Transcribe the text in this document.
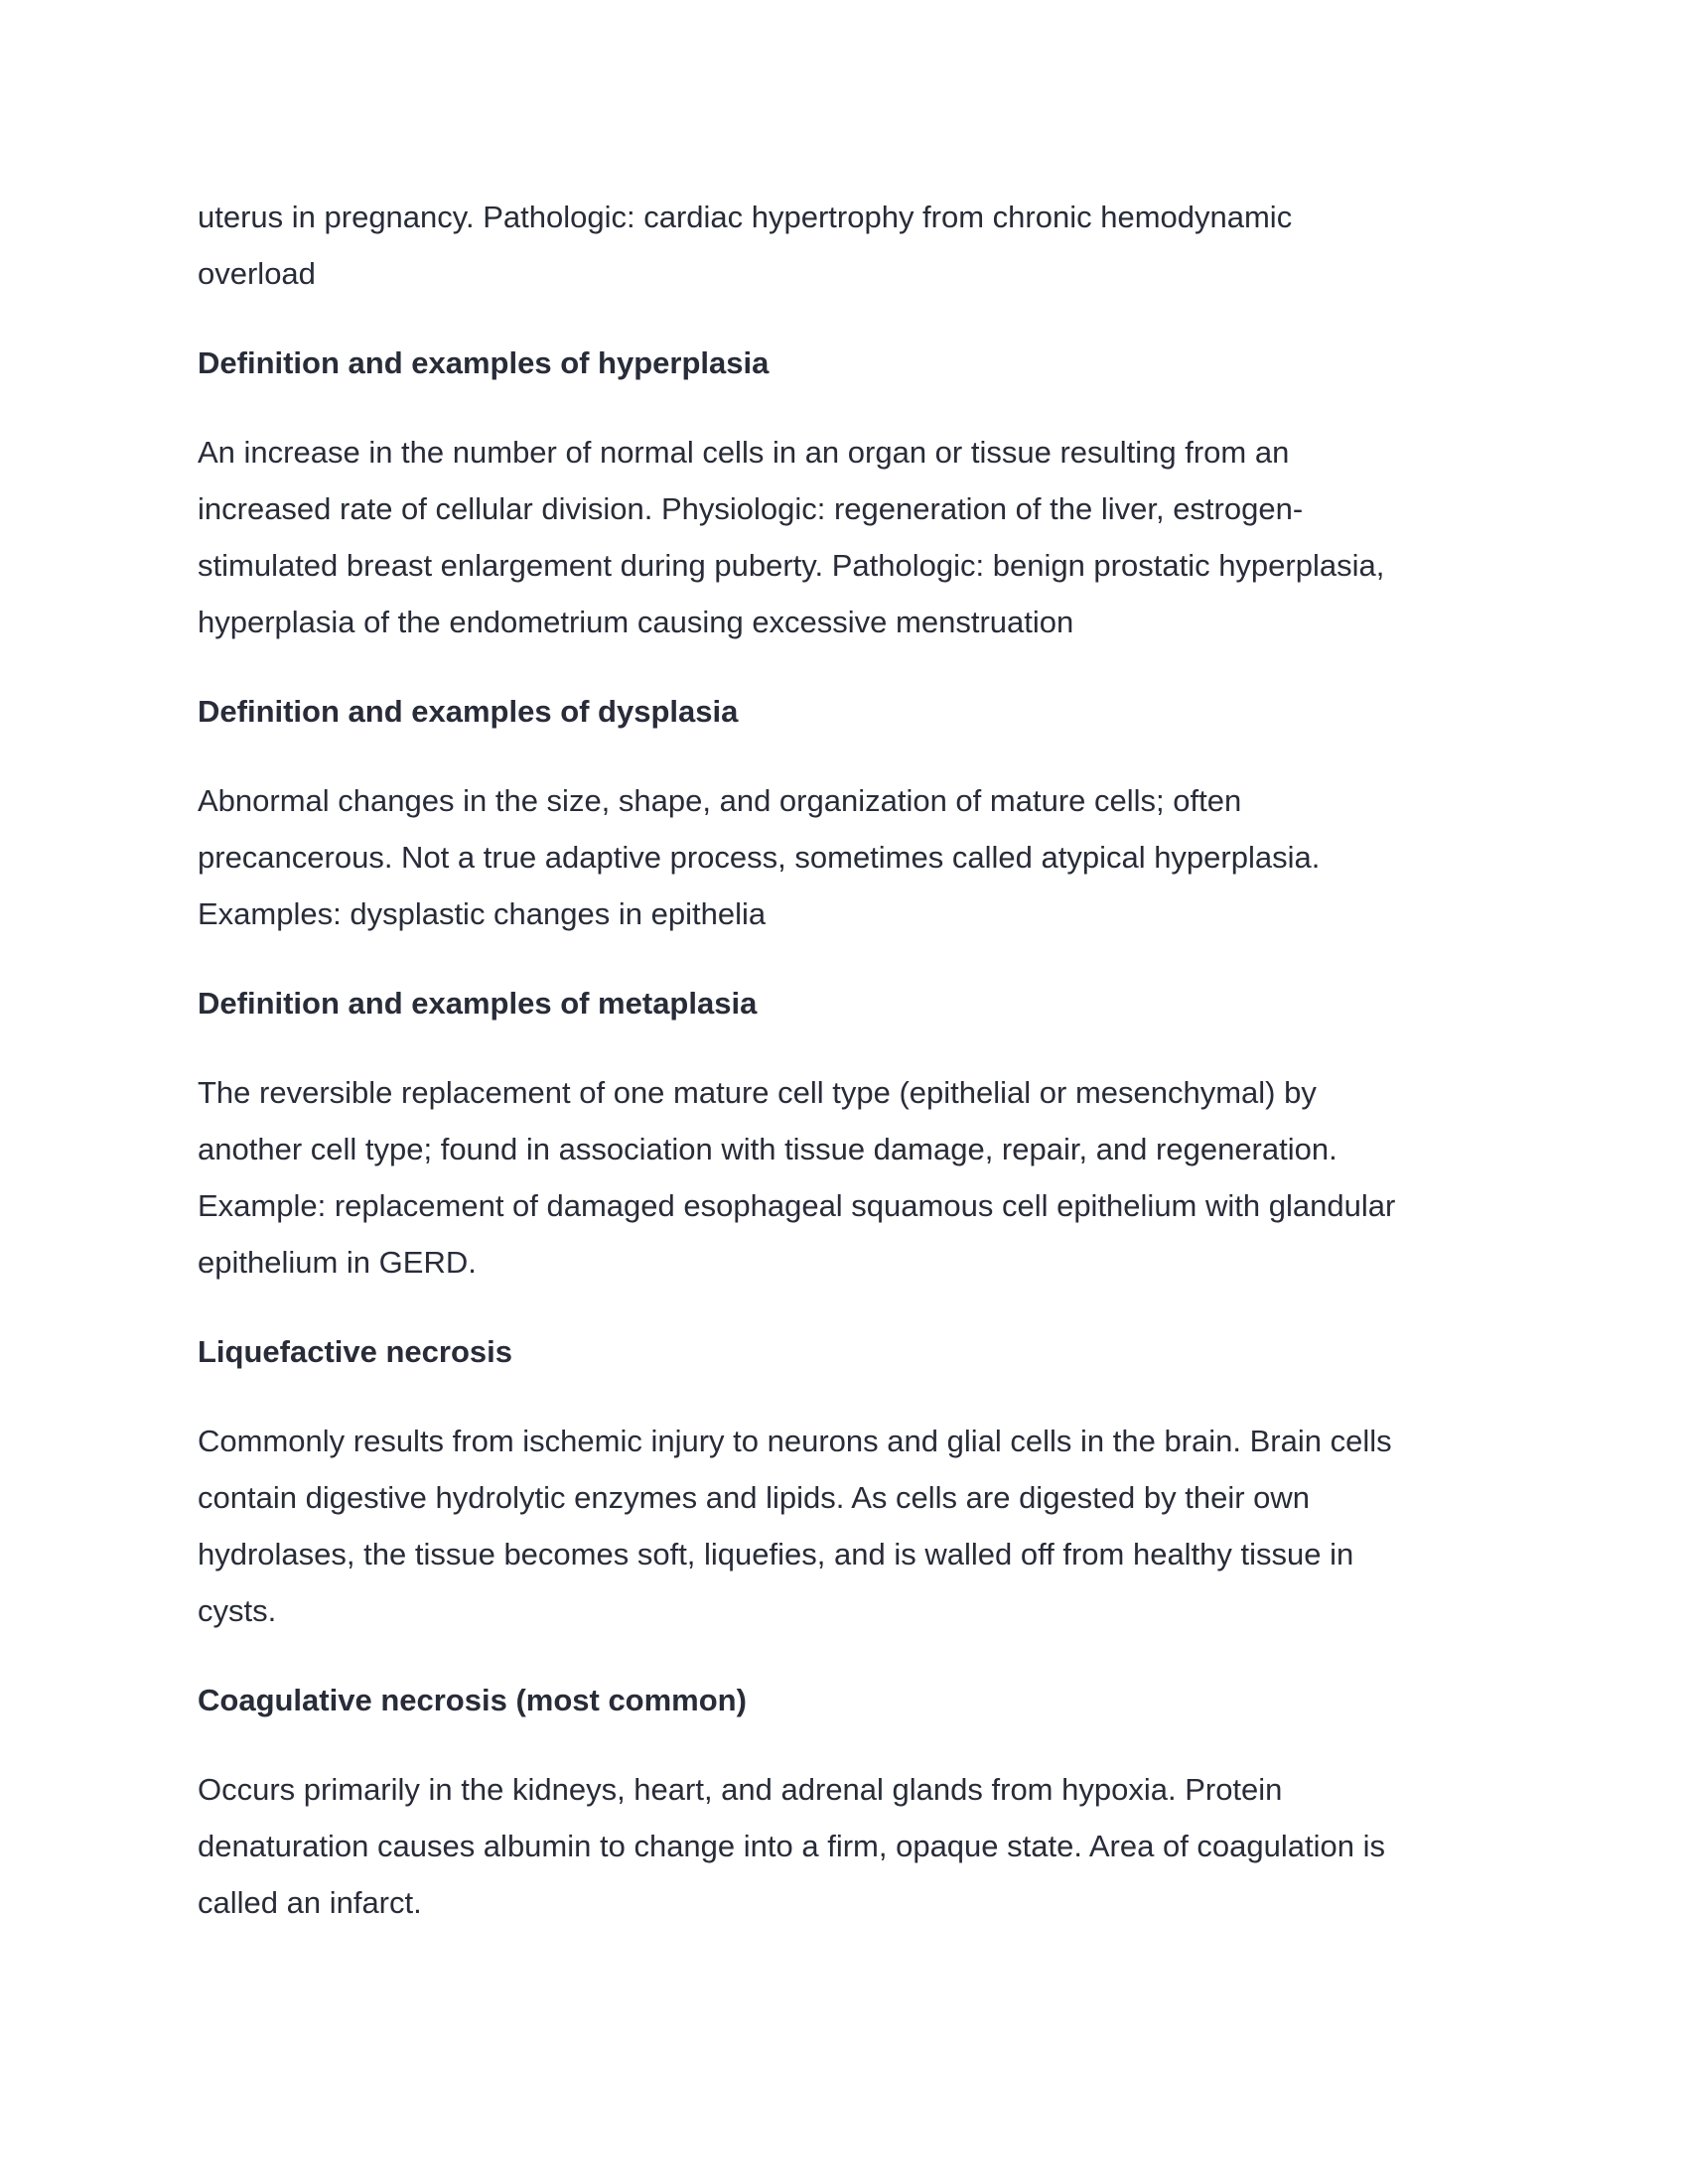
uterus in pregnancy. Pathologic: cardiac hypertrophy from chronic hemodynamic
overload
Definition and examples of hyperplasia
An increase in the number of normal cells in an organ or tissue resulting from an
increased rate of cellular division. Physiologic: regeneration of the liver, estrogen-
stimulated breast enlargement during puberty. Pathologic: benign prostatic hyperplasia,
hyperplasia of the endometrium causing excessive menstruation
Definition and examples of dysplasia
Abnormal changes in the size, shape, and organization of mature cells; often
precancerous. Not a true adaptive process, sometimes called atypical hyperplasia.
Examples: dysplastic changes in epithelia
Definition and examples of metaplasia
The reversible replacement of one mature cell type (epithelial or mesenchymal) by
another cell type; found in association with tissue damage, repair, and regeneration.
Example: replacement of damaged esophageal squamous cell epithelium with glandular
epithelium in GERD.
Liquefactive necrosis
Commonly results from ischemic injury to neurons and glial cells in the brain. Brain cells
contain digestive hydrolytic enzymes and lipids. As cells are digested by their own
hydrolases, the tissue becomes soft, liquefies, and is walled off from healthy tissue in
cysts.
Coagulative necrosis (most common)
Occurs primarily in the kidneys, heart, and adrenal glands from hypoxia. Protein
denaturation causes albumin to change into a firm, opaque state. Area of coagulation is
called an infarct.
